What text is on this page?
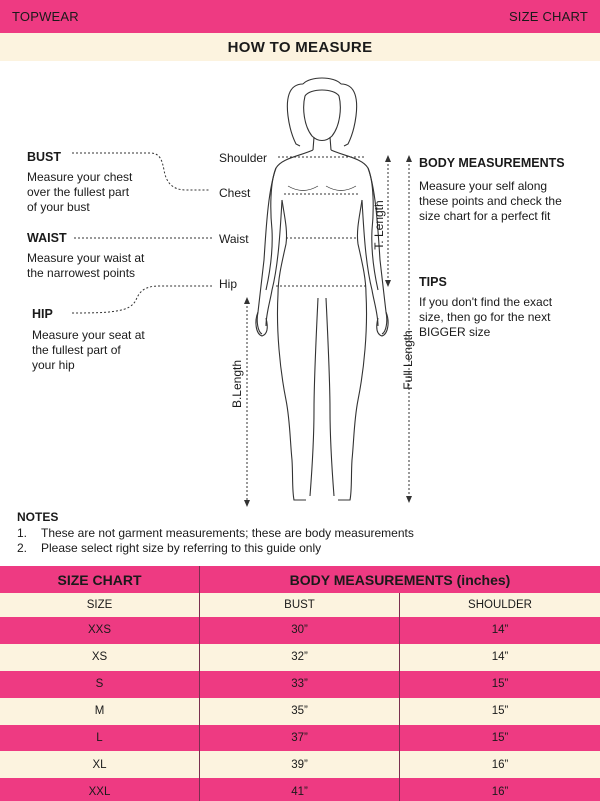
TOPWEAR	SIZE CHART
HOW TO MEASURE
Shoulder
Chest
Waist
Hip
T. Length
Full Length
B.Length
BUST
Measure your chest
over the fullest part
of your bust
WAIST
Measure your waist at
the narrowest points
HIP
Measure your seat at
the fullest part of
your hip
BODY MEASUREMENTS
Measure your self along
these points and check the
size chart for a perfect fit
TIPS
If you don't find the exact
size, then go for the next
BIGGER size
NOTES
1.	These are not garment measurements; these are body measurements
2.	Please select right size by referring to this guide only
SIZE CHART	BODY MEASUREMENTS (inches)
SIZE	BUST	SHOULDER
XXS	30”	14”
XS	32”	14”
S	33”	15”
M	35”	15”
L	37”	15”
XL	39”	16”
XXL	41”	16”
